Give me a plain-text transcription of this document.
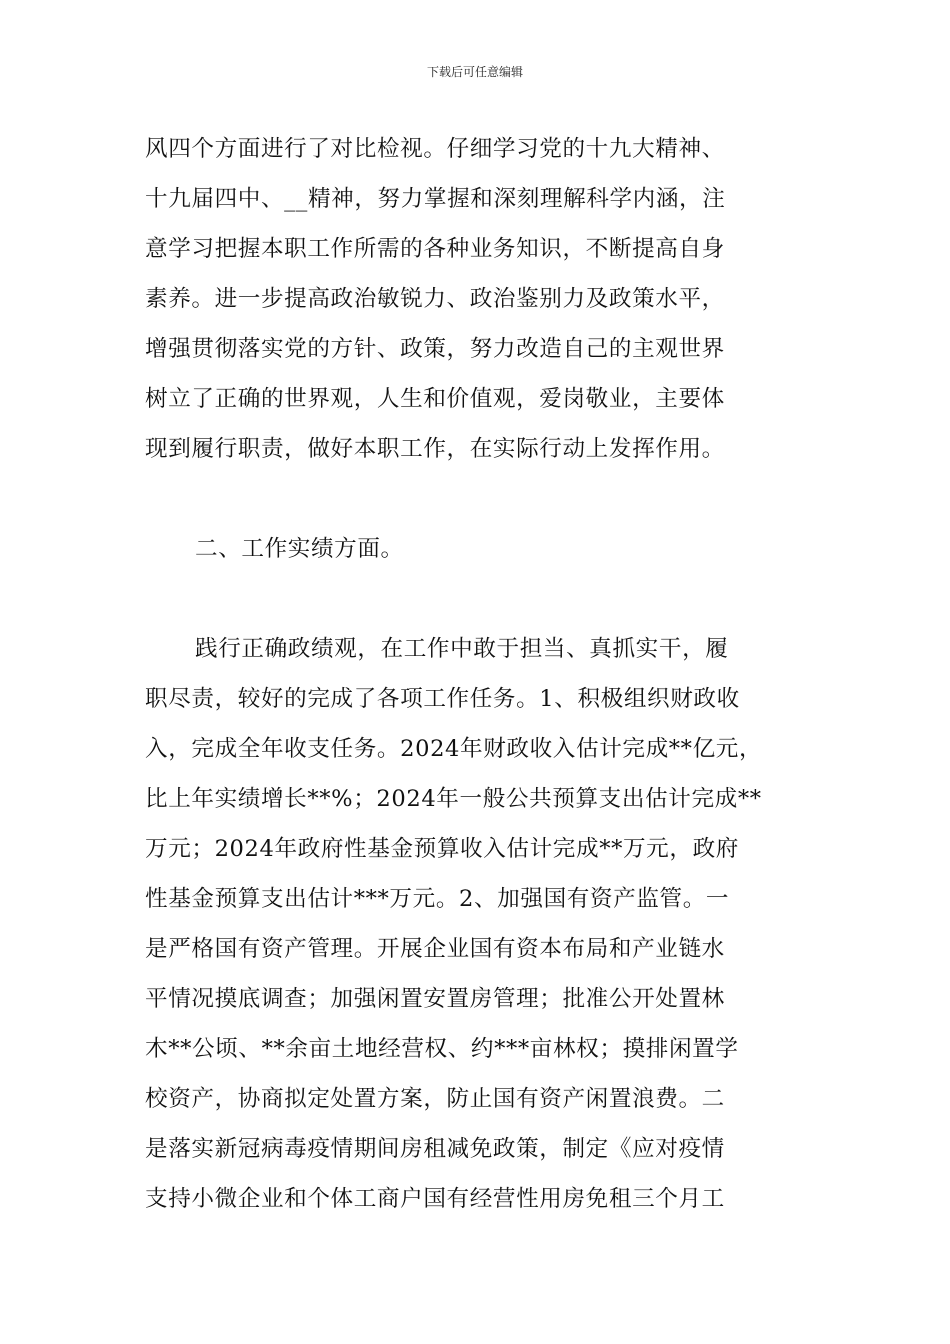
下载后可任意编辑
风四个方面进行了对比检视。仔细学习党的十九大精神、
十九届四中、__精神，努力掌握和深刻理解科学内涵，注
意学习把握本职工作所需的各种业务知识，不断提高自身
素养。进一步提高政治敏锐力、政治鉴别力及政策水平，
增强贯彻落实党的方针、政策，努力改造自己的主观世界
树立了正确的世界观，人生和价值观，爱岗敬业，主要体
现到履行职责，做好本职工作，在实际行动上发挥作用。
二、工作实绩方面。
践行正确政绩观，在工作中敢于担当、真抓实干，履
职尽责，较好的完成了各项工作任务。1、积极组织财政收
入，完成全年收支任务。2024年财政收入估计完成**亿元，
比上年实绩增长**%；2024年一般公共预算支出估计完成**
万元；2024年政府性基金预算收入估计完成**万元，政府
性基金预算支出估计***万元。2、加强国有资产监管。一
是严格国有资产管理。开展企业国有资本布局和产业链水
平情况摸底调查；加强闲置安置房管理；批准公开处置林
木**公顷、**余亩土地经营权、约***亩林权；摸排闲置学
校资产，协商拟定处置方案，防止国有资产闲置浪费。二
是落实新冠病毒疫情期间房租减免政策，制定《应对疫情
支持小微企业和个体工商户国有经营性用房免租三个月工
